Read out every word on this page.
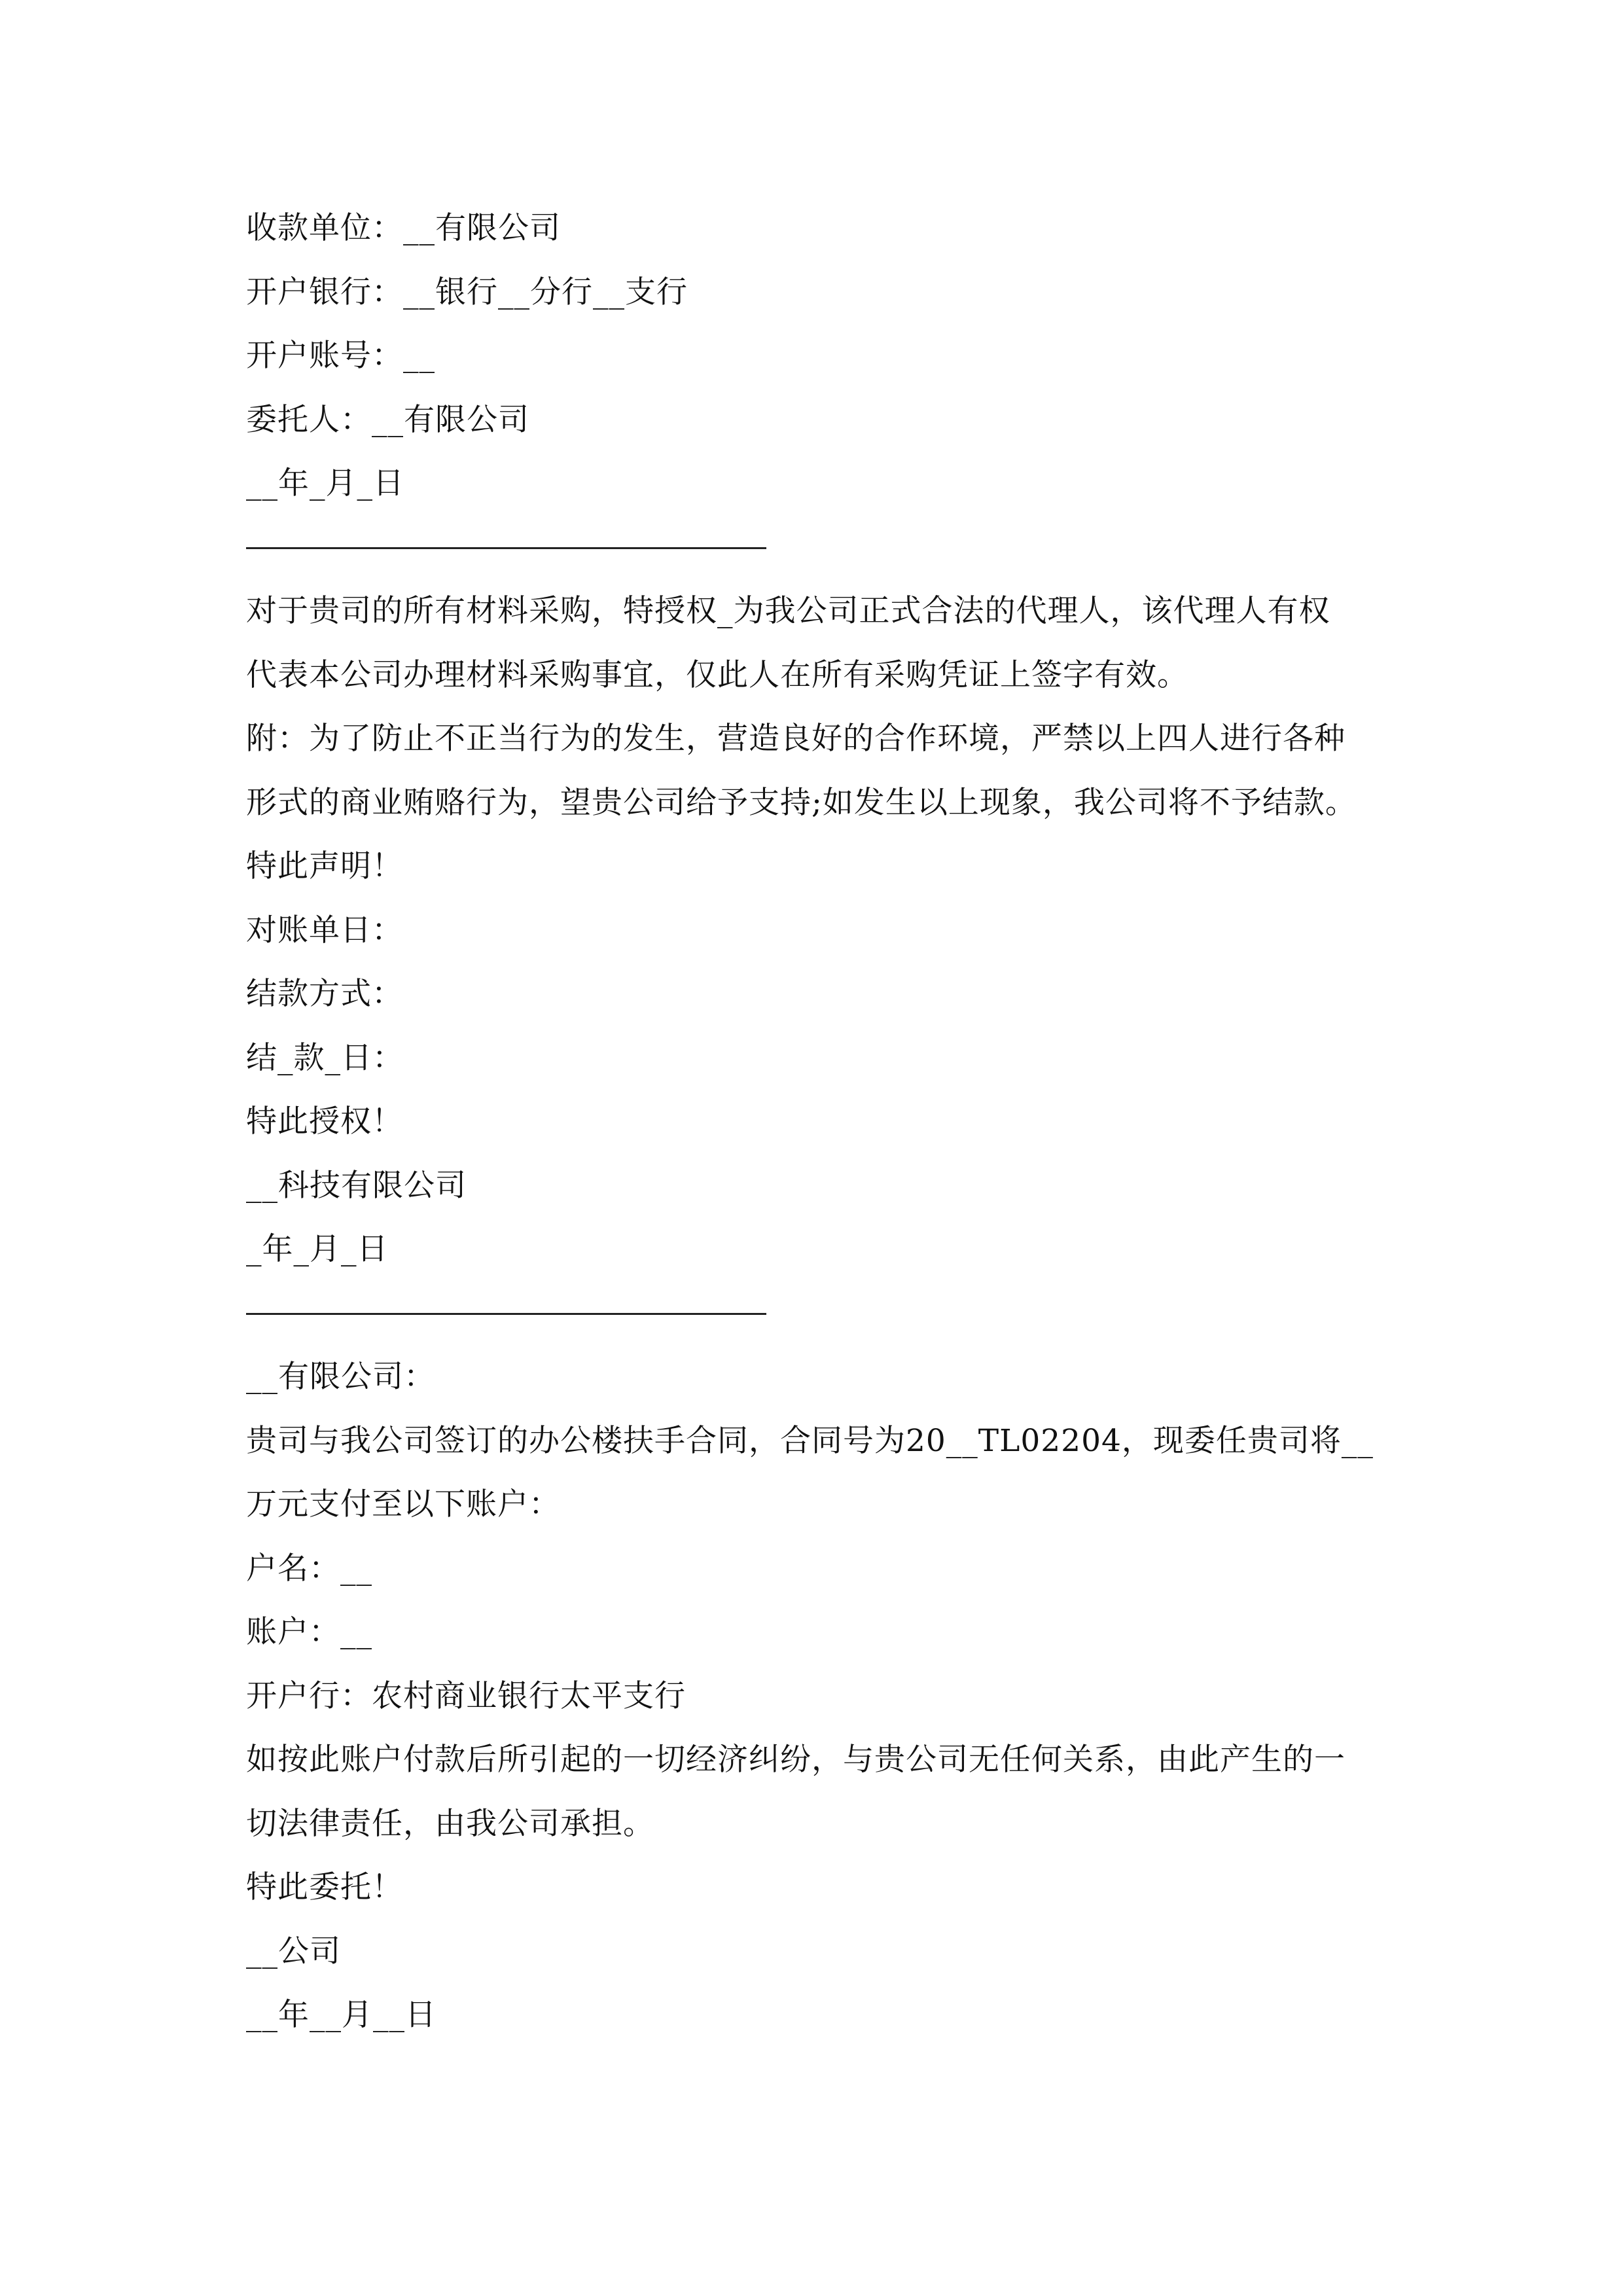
收款单位：__有限公司
开户银行：__银行__分行__支行
开户账号：__
委托人：__有限公司
__年_月_日
对于贵司的所有材料采购，特授权_为我公司正式合法的代理人，该代理人有权
代表本公司办理材料采购事宜，仅此人在所有采购凭证上签字有效。
附：为了防止不正当行为的发生，营造良好的合作环境，严禁以上四人进行各种
形式的商业贿赂行为，望贵公司给予支持;如发生以上现象，我公司将不予结款。
特此声明！
对账单日：
结款方式：
结_款_日：
特此授权！
__科技有限公司
_年_月_日
__有限公司：
贵司与我公司签订的办公楼扶手合同，合同号为20__TL02204，现委任贵司将__
万元支付至以下账户：
户名：__
账户：__
开户行：农村商业银行太平支行
如按此账户付款后所引起的一切经济纠纷，与贵公司无任何关系，由此产生的一
切法律责任，由我公司承担。
特此委托！
__公司
__年__月__日
